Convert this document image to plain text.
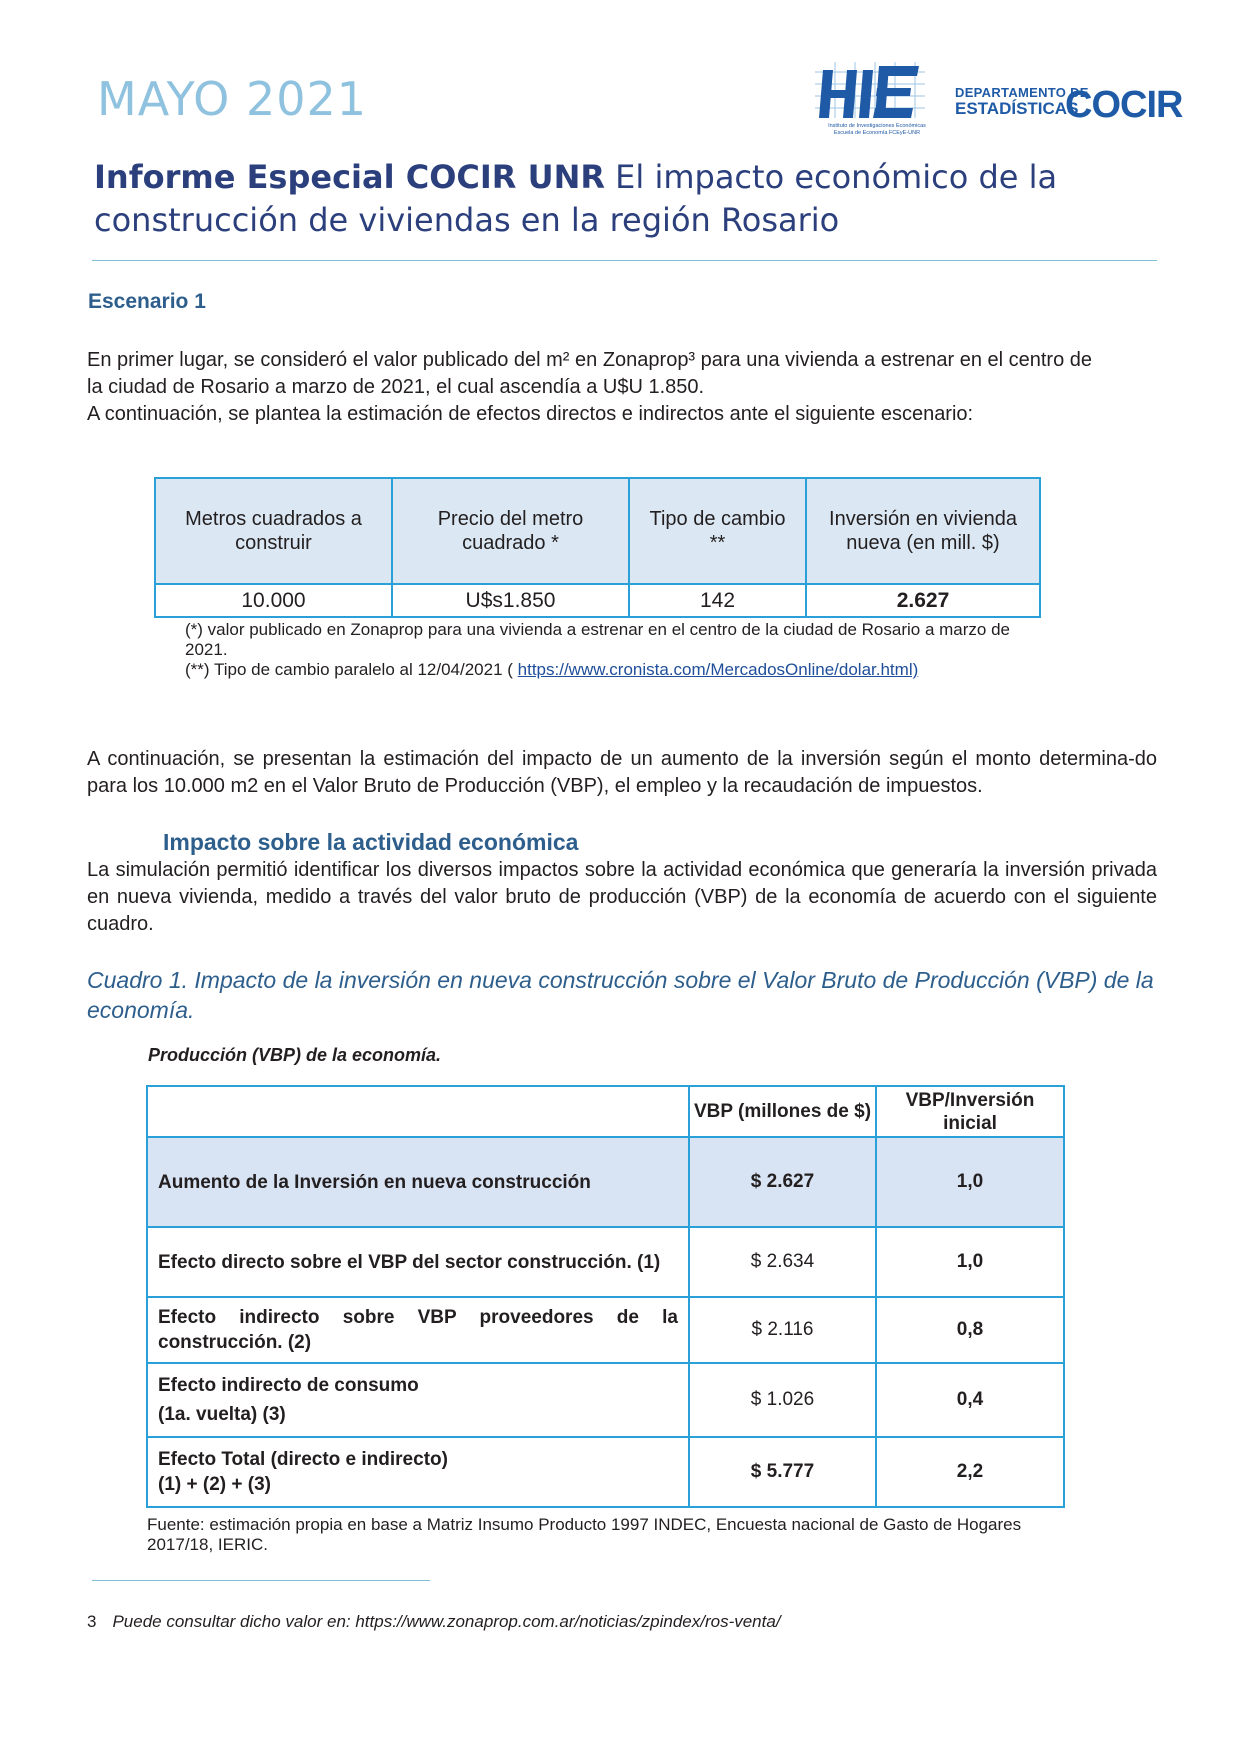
MAYO 2021	Instituto de Investigaciones Económicas Escuela de Economía FCEyE-UNR
DEPARTAMENTO DE
ESTADÍSTICAS
COCIR
Informe Especial COCIR UNR El impacto económico de la
construcción de viviendas en la región Rosario
Escenario 1
En primer lugar, se consideró el valor publicado del m² en Zonaprop³ para una vivienda a estrenar en el centro de
la ciudad de Rosario a marzo de 2021, el cual ascendía a U$U 1.850.
A continuación, se plantea la estimación de efectos directos e indirectos ante el siguiente escenario:
Metros cuadrados a construir	Precio del metro cuadrado *	Tipo de cambio **	Inversión en vivienda nueva (en mill. $)
10.000	U$s1.850	142	2.627
(*) valor publicado en Zonaprop para una vivienda a estrenar en el centro de la ciudad de Rosario a marzo de 2021.
(**) Tipo de cambio paralelo al 12/04/2021 ( https://www.cronista.com/MercadosOnline/dolar.html)
A continuación, se presentan la estimación del impacto de un aumento de la inversión según el monto determina-do para los 10.000 m2 en el Valor Bruto de Producción (VBP), el empleo y la recaudación de impuestos.
Impacto sobre la actividad económica
La simulación permitió identificar los diversos impactos sobre la actividad económica que generaría la inversión privada en nueva vivienda, medido a través del valor bruto de producción (VBP) de la economía de acuerdo con el siguiente cuadro.
Cuadro 1. Impacto de la inversión en nueva construcción sobre el Valor Bruto de Producción (VBP) de la economía.
Producción (VBP) de la economía.
	VBP (millones de $)	VBP/Inversión inicial
Aumento de la Inversión en nueva construcción	$ 2.627	1,0
Efecto directo sobre el VBP del sector construcción. (1)	$ 2.634	1,0
Efecto indirecto sobre VBP proveedores de la construcción. (2)	$ 2.116	0,8

Efecto indirecto de consumo
(1a. vuelta) (3)	$ 1.026	0,4

Efecto Total (directo e indirecto)
(1) + (2) + (3)	$ 5.777	2,2
Fuente: estimación propia en base a Matriz Insumo Producto 1997 INDEC, Encuesta nacional de Gasto de Hogares 2017/18, IERIC.
3 Puede consultar dicho valor en: https://www.zonaprop.com.ar/noticias/zpindex/ros-venta/
